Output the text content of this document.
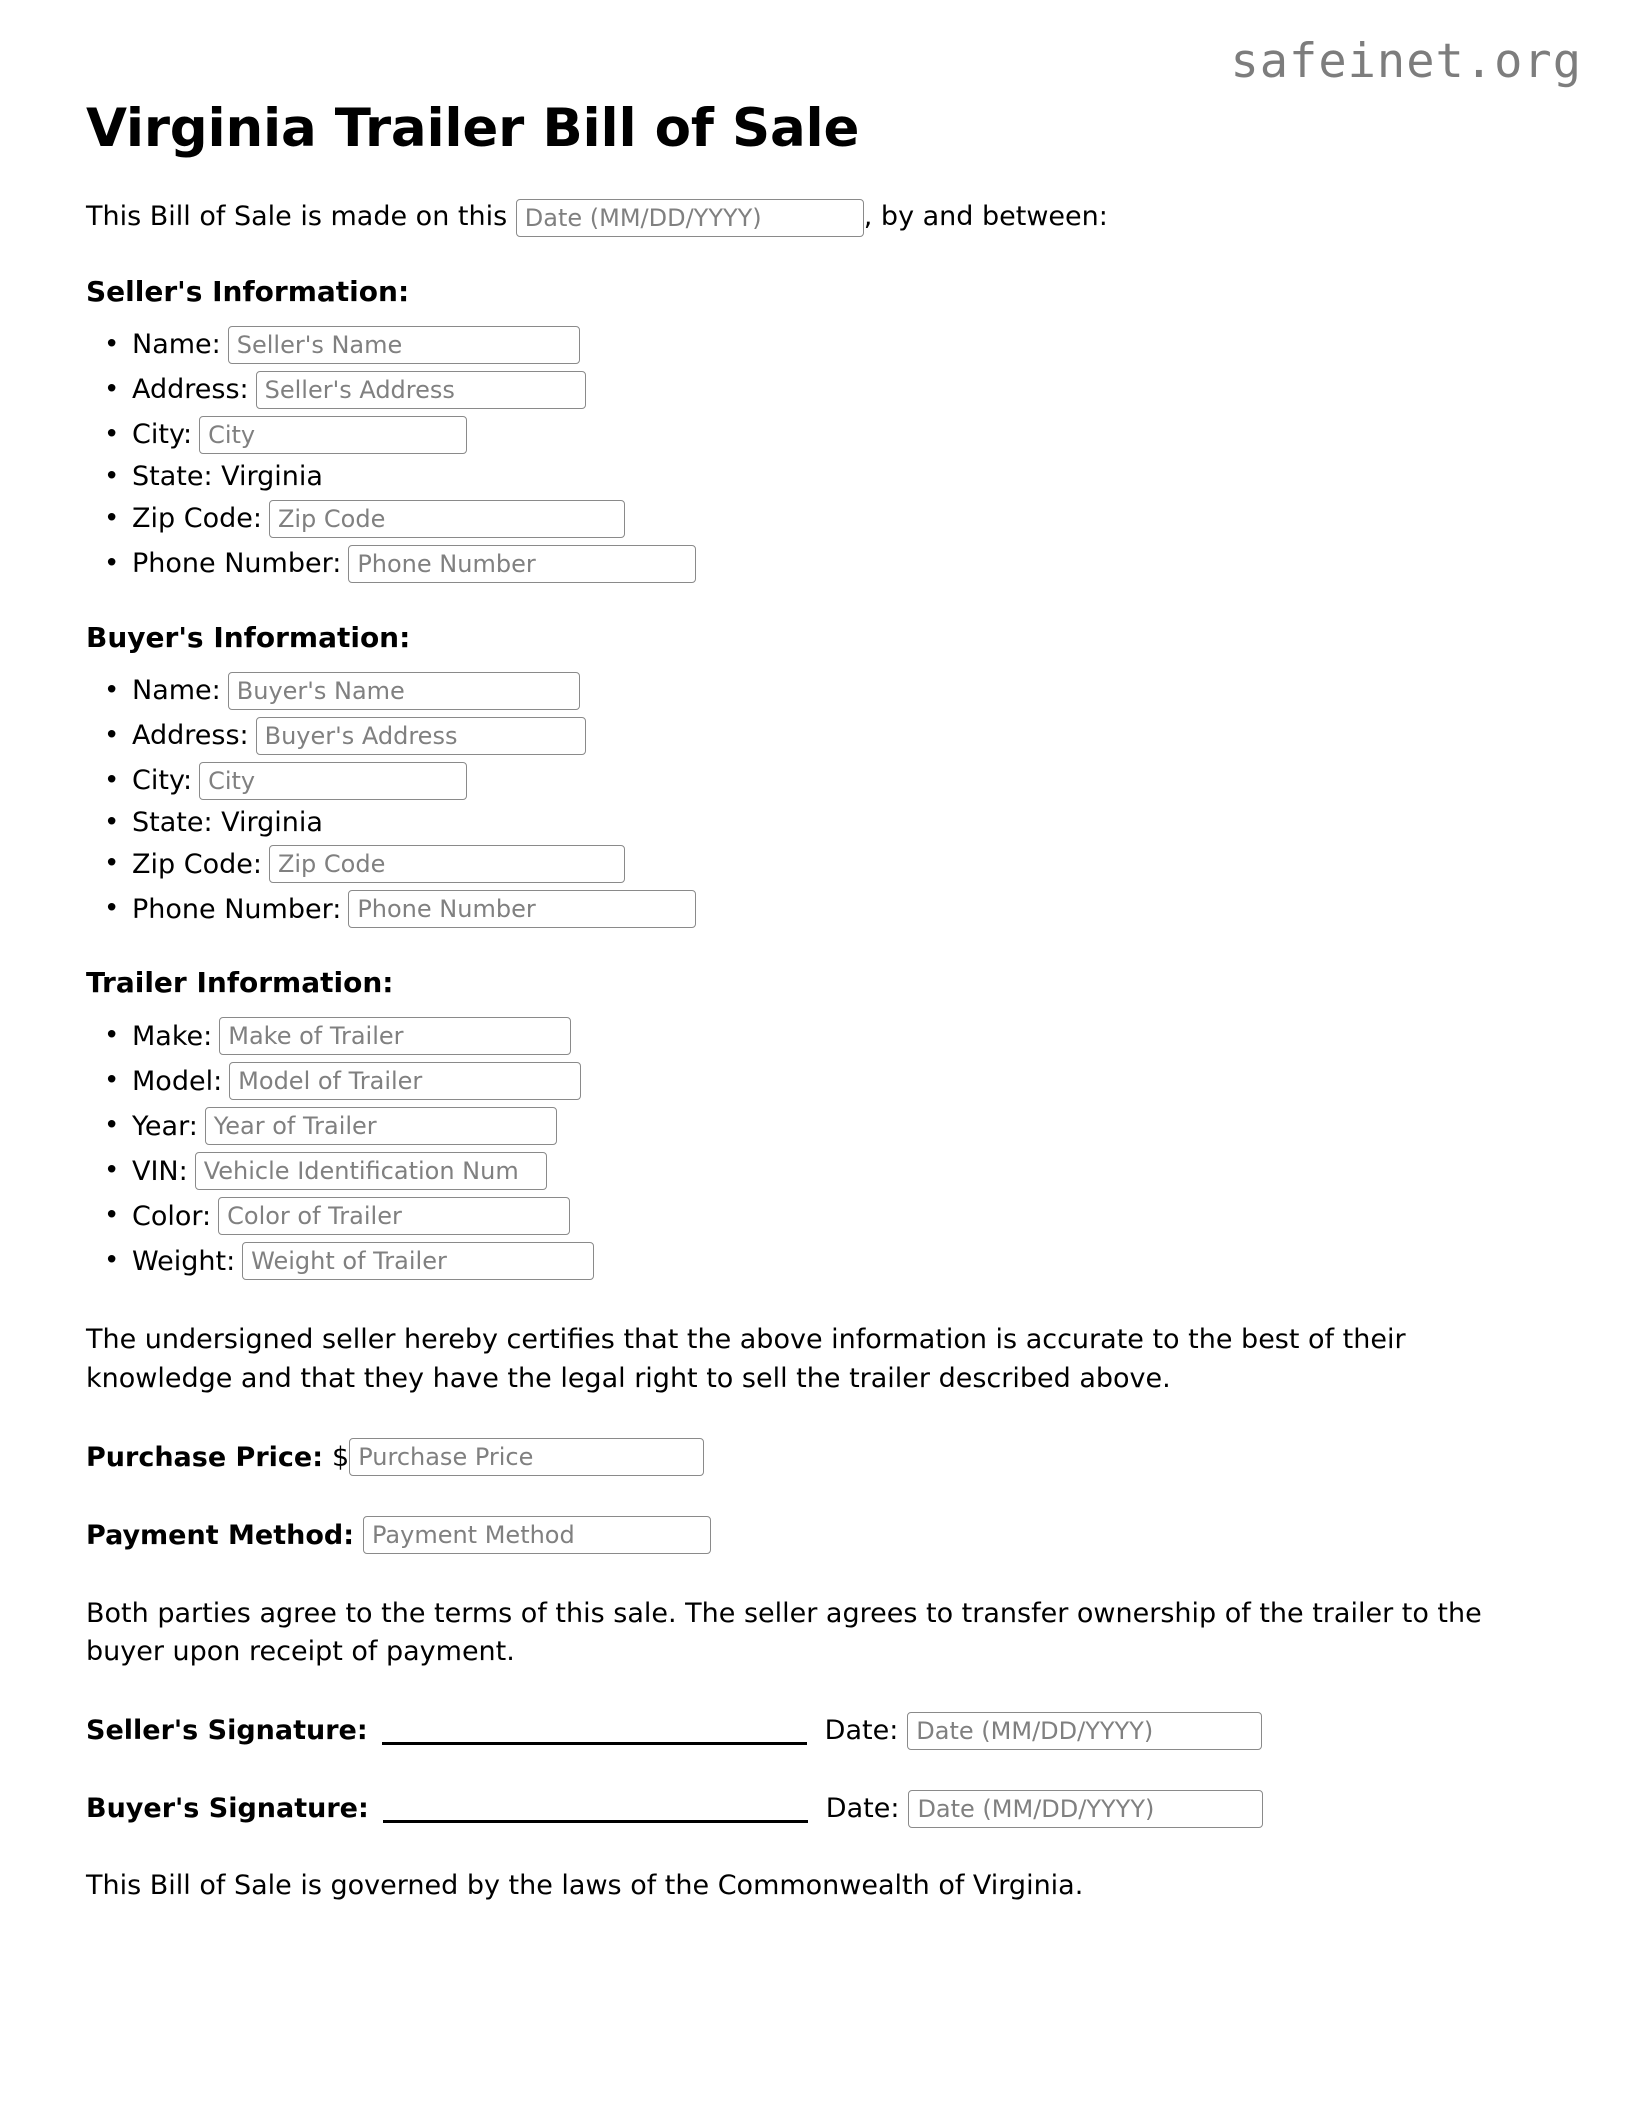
safeinet.org
Virginia Trailer Bill of Sale

This Bill of Sale is made on this Date (MM/DD/YYYY)	, by and between:

Seller's Information:
• Name: Seller's Name
• Address: Seller's Address
• City: City
• State: Virginia
• Zip Code: Zip Code
• Phone Number: Phone Number
Buyer's Information:
• Name: Buyer's Name
• Address: Buyer's Address
• City: City
• State: Virginia
• Zip Code: Zip Code
• Phone Number: Phone Number
Trailer Information:
• Make: Make of Trailer
• Model: Model of Trailer
• Year: Year of Trailer
• VIN: Vehicle Identification Num
• Color: Color of Trailer
• Weight: Weight of Trailer

The undersigned seller hereby certifies that the above information is accurate to the best of their knowledge and that they have the legal right to sell the trailer described above.

Purchase Price: $ Purchase Price
Payment Method: Payment Method

Both parties agree to the terms of this sale. The seller agrees to transfer ownership of the trailer to the buyer upon receipt of payment.

Seller's Signature:	Date: Date (MM/DD/YYYY)
Buyer's Signature:	Date: Date (MM/DD/YYYY)

This Bill of Sale is governed by the laws of the Commonwealth of Virginia.
